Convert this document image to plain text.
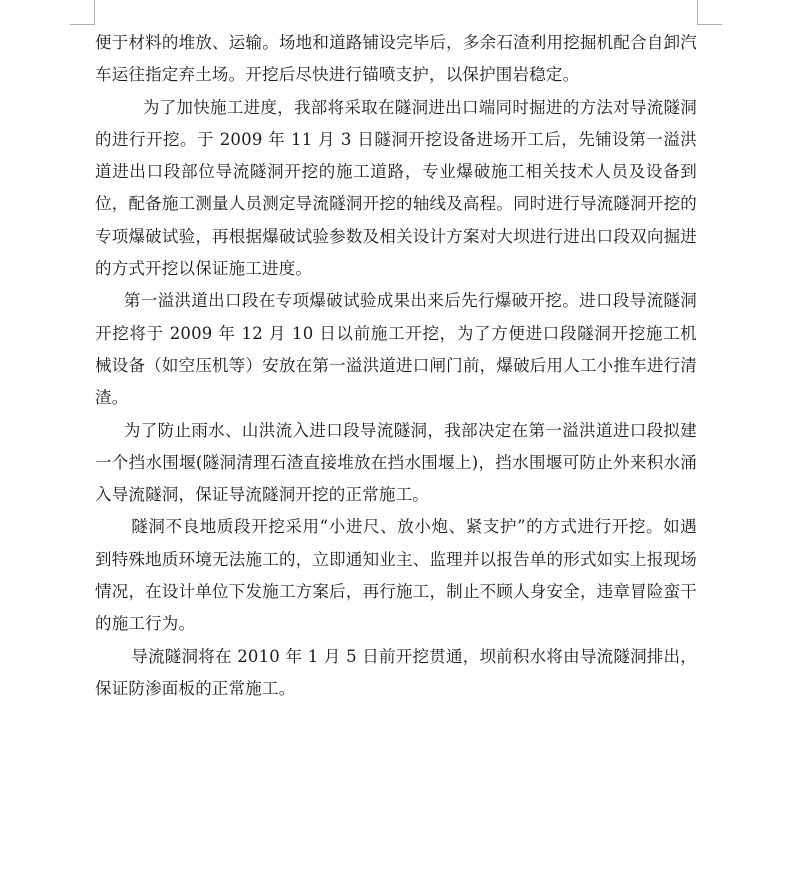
便于材料的堆放、运输。场地和道路铺设完毕后，多余石渣利用挖掘机配合自卸汽车运往指定弃土场。开挖后尽快进行锚喷支护，以保护围岩稳定。

为了加快施工进度，我部将采取在隧洞进出口端同时掘进的方法对导流隧洞的进行开挖。于 2009 年 11 月 3 日隧洞开挖设备进场开工后，先铺设第一溢洪道进出口段部位导流隧洞开挖的施工道路，专业爆破施工相关技术人员及设备到位，配备施工测量人员测定导流隧洞开挖的轴线及高程。同时进行导流隧洞开挖的专项爆破试验，再根据爆破试验参数及相关设计方案对大坝进行进出口段双向掘进的方式开挖以保证施工进度。

第一溢洪道出口段在专项爆破试验成果出来后先行爆破开挖。进口段导流隧洞开挖将于 2009 年 12 月 10 日以前施工开挖，为了方便进口段隧洞开挖施工机械设备（如空压机等）安放在第一溢洪道进口闸门前，爆破后用人工小推车进行清渣。

为了防止雨水、山洪流入进口段导流隧洞，我部决定在第一溢洪道进口段拟建一个挡水围堰(隧洞清理石渣直接堆放在挡水围堰上)，挡水围堰可防止外来积水涌入导流隧洞，保证导流隧洞开挖的正常施工。

隧洞不良地质段开挖采用“小进尺、放小炮、紧支护”的方式进行开挖。如遇到特殊地质环境无法施工的，立即通知业主、监理并以报告单的形式如实上报现场情况，在设计单位下发施工方案后，再行施工，制止不顾人身安全，违章冒险蛮干的施工行为。

导流隧洞将在 2010 年 1 月 5 日前开挖贯通，坝前积水将由导流隧洞排出，保证防渗面板的正常施工。
